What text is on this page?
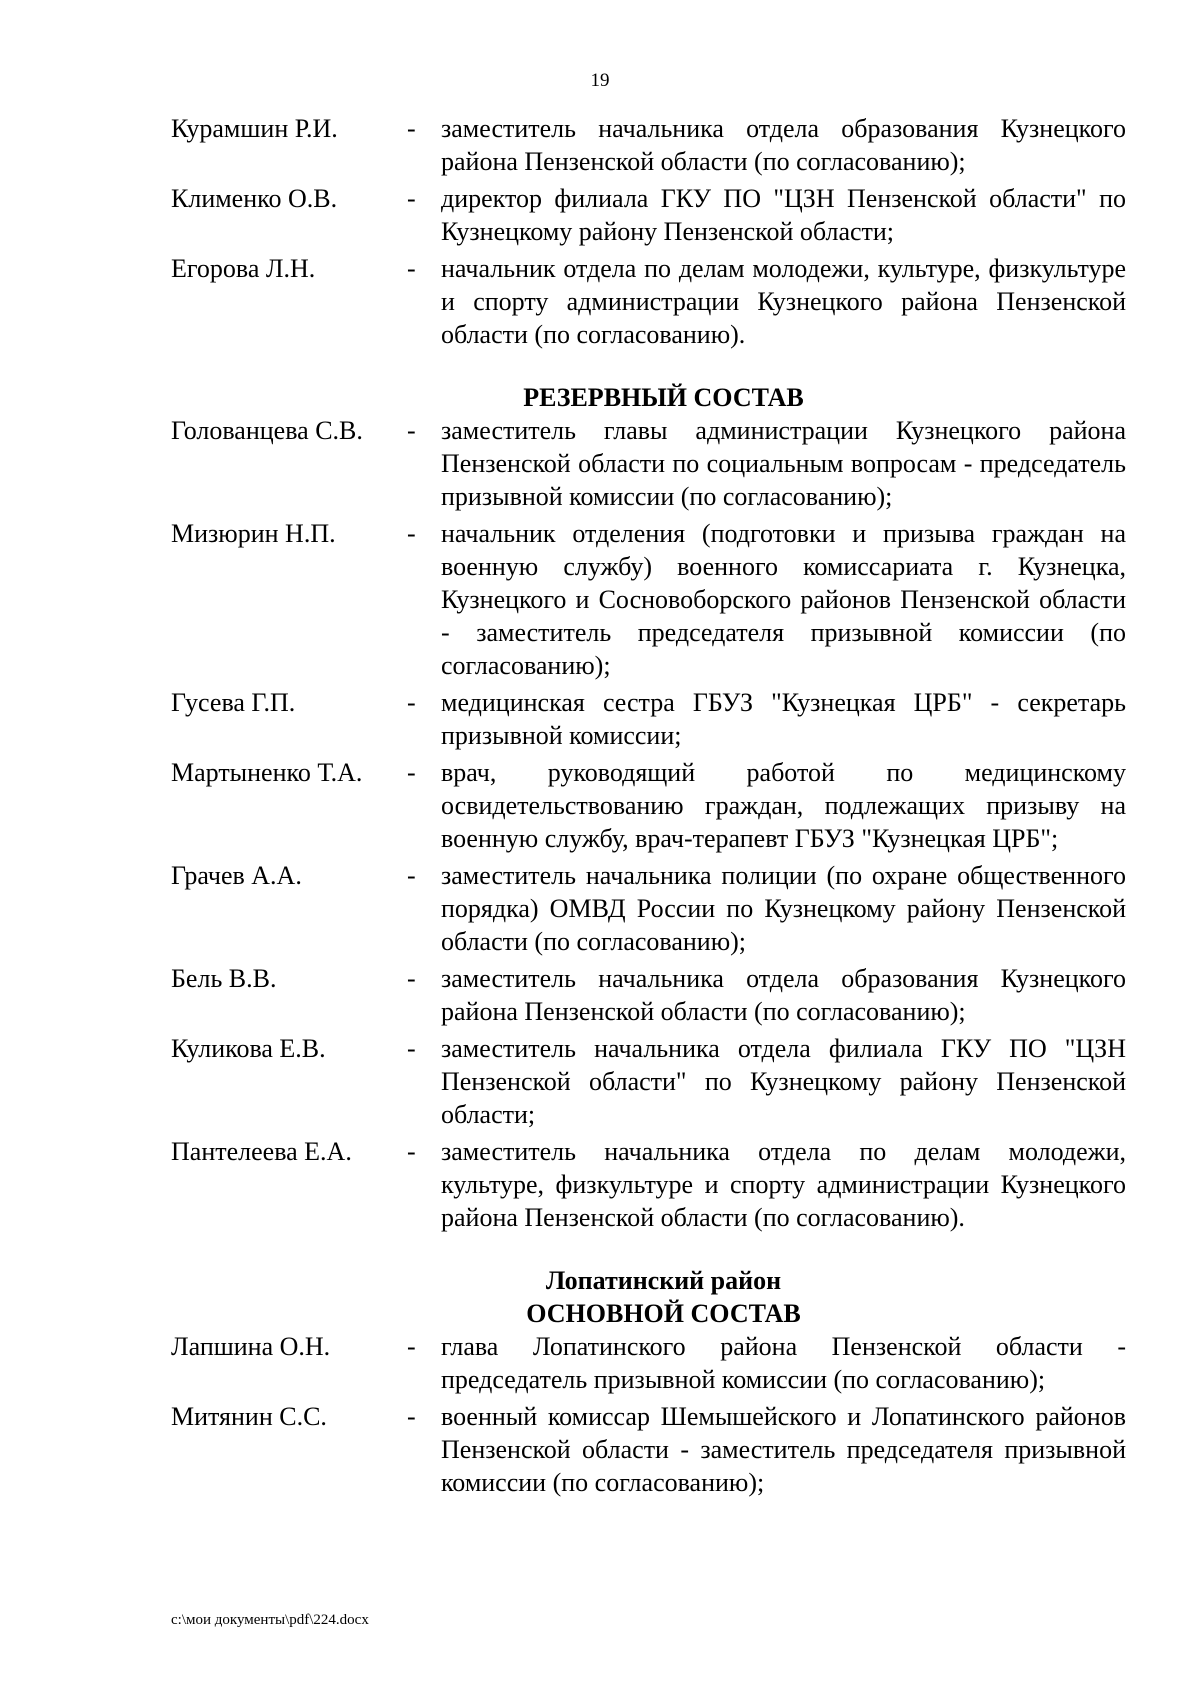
19
Курамшин Р.И.	- заместитель начальника отдела образования Кузнецкого района Пензенской области (по согласованию);
Клименко О.В.	- директор филиала ГКУ ПО "ЦЗН Пензенской области" по Кузнецкому району Пензенской области;
Егорова Л.Н.	- начальник отдела по делам молодежи, культуре, физкультуре и спорту администрации Кузнецкого района Пензенской области (по согласованию).
РЕЗЕРВНЫЙ СОСТАВ
Голованцева С.В.	- заместитель главы администрации Кузнецкого района Пензенской области по социальным вопросам - председатель призывной комиссии (по согласованию);
Мизюрин Н.П.	- начальник отделения (подготовки и призыва граждан на военную службу) военного комиссариата г. Кузнецка, Кузнецкого и Сосновоборского районов Пензенской области - заместитель председателя призывной комиссии (по согласованию);
Гусева Г.П.	- медицинская сестра ГБУЗ "Кузнецкая ЦРБ" - секретарь призывной комиссии;
Мартыненко Т.А.	- врач, руководящий работой по медицинскому освидетельствованию граждан, подлежащих призыву на военную службу, врач-терапевт ГБУЗ "Кузнецкая ЦРБ";
Грачев А.А.	- заместитель начальника полиции (по охране общественного порядка) ОМВД России по Кузнецкому району Пензенской области (по согласованию);
Бель В.В.	- заместитель начальника отдела образования Кузнецкого района Пензенской области (по согласованию);
Куликова Е.В.	- заместитель начальника отдела филиала ГКУ ПО "ЦЗН Пензенской области" по Кузнецкому району Пензенской области;
Пантелеева Е.А.	- заместитель начальника отдела по делам молодежи, культуре, физкультуре и спорту администрации Кузнецкого района Пензенской области (по согласованию).
Лопатинский район
ОСНОВНОЙ СОСТАВ
Лапшина О.Н.	- глава Лопатинского района Пензенской области - председатель призывной комиссии (по согласованию);
Митянин С.С.	- военный комиссар Шемышейского и Лопатинского районов Пензенской области - заместитель председателя призывной комиссии (по согласованию);
c:\мои документы\pdf\224.docx
